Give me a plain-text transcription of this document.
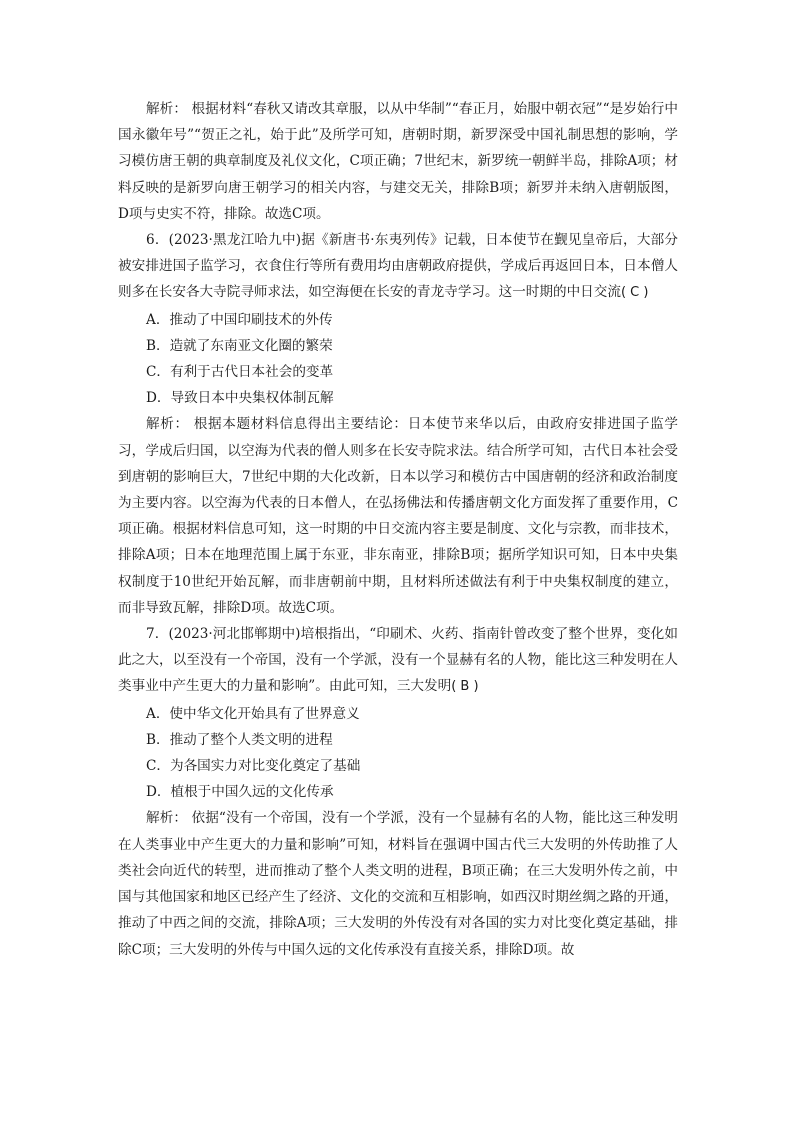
解析： 根据材料“春秋又请改其章服，以从中华制”“春正月，始服中朝衣冠”“是岁始行中国永徽年号”“贺正之礼，始于此”及所学可知，唐朝时期，新罗深受中国礼制思想的影响，学习模仿唐王朝的典章制度及礼仪文化，C项正确；7世纪末，新罗统一朝鲜半岛，排除A项；材料反映的是新罗向唐王朝学习的相关内容，与建交无关，排除B项；新罗并未纳入唐朝版图，D项与史实不符，排除。故选C项。

6．(2023·黑龙江哈九中)据《新唐书·东夷列传》记载，日本使节在觐见皇帝后，大部分被安排进国子监学习，衣食住行等所有费用均由唐朝政府提供，学成后再返回日本，日本僧人则多在长安各大寺院寻师求法，如空海便在长安的青龙寺学习。这一时期的中日交流( C )

A．推动了中国印刷技术的外传

B．造就了东南亚文化圈的繁荣

C．有利于古代日本社会的变革

D．导致日本中央集权体制瓦解

解析： 根据本题材料信息得出主要结论：日本使节来华以后，由政府安排进国子监学习，学成后归国，以空海为代表的僧人则多在长安寺院求法。结合所学可知，古代日本社会受到唐朝的影响巨大，7世纪中期的大化改新，日本以学习和模仿古中国唐朝的经济和政治制度为主要内容。以空海为代表的日本僧人，在弘扬佛法和传播唐朝文化方面发挥了重要作用，C项正确。根据材料信息可知，这一时期的中日交流内容主要是制度、文化与宗教，而非技术，排除A项；日本在地理范围上属于东亚，非东南亚，排除B项；据所学知识可知，日本中央集权制度于10世纪开始瓦解，而非唐朝前中期，且材料所述做法有利于中央集权制度的建立，而非导致瓦解，排除D项。故选C项。

7．(2023·河北邯郸期中)培根指出，“印刷术、火药、指南针曾改变了整个世界，变化如此之大，以至没有一个帝国，没有一个学派，没有一个显赫有名的人物，能比这三种发明在人类事业中产生更大的力量和影响”。由此可知，三大发明( B )

A．使中华文化开始具有了世界意义

B．推动了整个人类文明的进程

C．为各国实力对比变化奠定了基础

D．植根于中国久远的文化传承

解析： 依据“没有一个帝国，没有一个学派，没有一个显赫有名的人物，能比这三种发明在人类事业中产生更大的力量和影响”可知，材料旨在强调中国古代三大发明的外传助推了人类社会向近代的转型，进而推动了整个人类文明的进程，B项正确；在三大发明外传之前，中国与其他国家和地区已经产生了经济、文化的交流和互相影响，如西汉时期丝绸之路的开通，推动了中西之间的交流，排除A项；三大发明的外传没有对各国的实力对比变化奠定基础，排除C项；三大发明的外传与中国久远的文化传承没有直接关系，排除D项。故
